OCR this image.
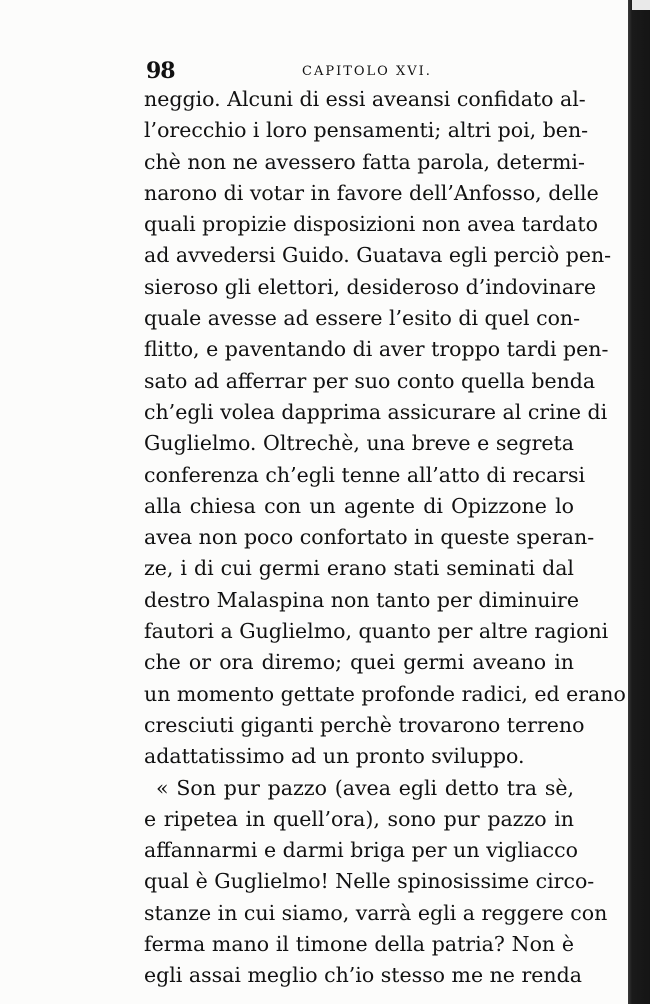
98	CAPITOLO XVI.
neggio. Alcuni di essi aveansi confidato al-
l’orecchio i loro pensamenti; altri poi, ben-
chè non ne avessero fatta parola, determi-
narono di votar in favore dell’Anfosso, delle
quali propizie disposizioni non avea tardato
ad avvedersi Guido. Guatava egli perciò pen-
sieroso gli elettori, desideroso d’indovinare
quale avesse ad essere l’esito di quel con-
flitto, e paventando di aver troppo tardi pen-
sato ad afferrar per suo conto quella benda
ch’egli volea dapprima assicurare al crine di
Guglielmo. Oltrechè, una breve e segreta
conferenza ch’egli tenne all’atto di recarsi
alla chiesa con un agente di Opizzone lo
avea non poco confortato in queste speran-
ze, i di cui germi erano stati seminati dal
destro Malaspina non tanto per diminuire
fautori a Guglielmo, quanto per altre ragioni
che or ora diremo; quei germi aveano in
un momento gettate profonde radici, ed erano
cresciuti giganti perchè trovarono terreno
adattatissimo ad un pronto sviluppo.
« Son pur pazzo (avea egli detto tra sè,
e ripetea in quell’ora), sono pur pazzo in
affannarmi e darmi briga per un vigliacco
qual è Guglielmo! Nelle spinosissime circo-
stanze in cui siamo, varrà egli a reggere con
ferma mano il timone della patria? Non è
egli assai meglio ch’io stesso me ne renda
